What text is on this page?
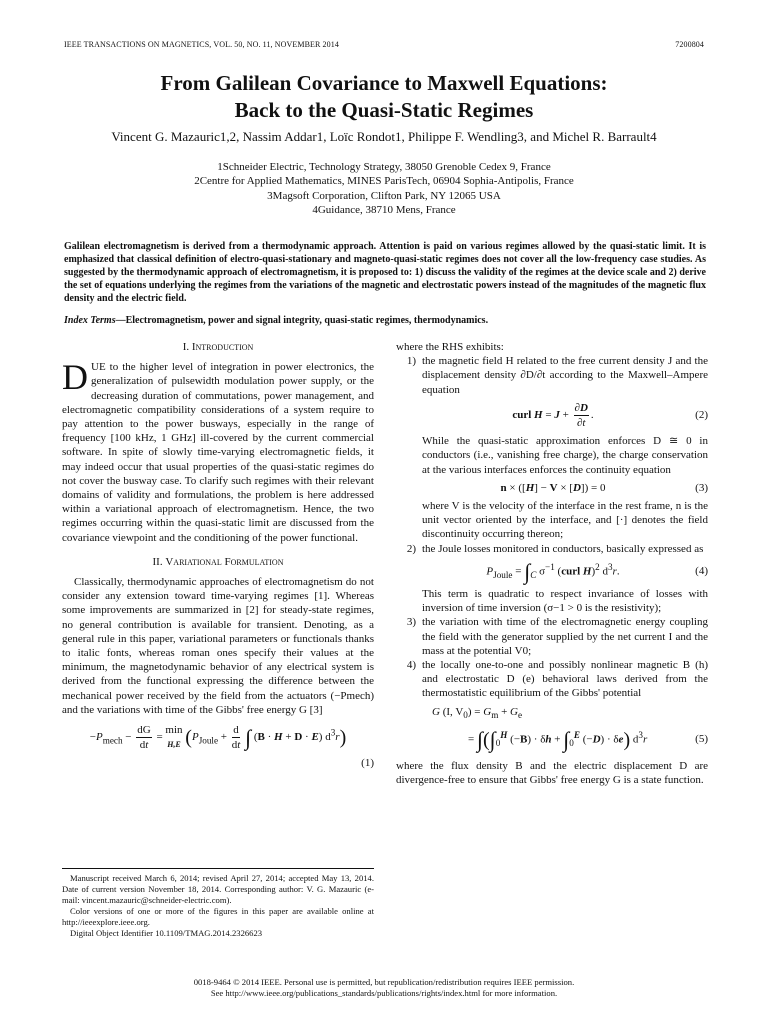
IEEE TRANSACTIONS ON MAGNETICS, VOL. 50, NO. 11, NOVEMBER 2014	7200804
From Galilean Covariance to Maxwell Equations:
Back to the Quasi-Static Regimes
Vincent G. Mazauric1,2, Nassim Addar1, Loïc Rondot1, Philippe F. Wendling3, and Michel R. Barrault4
1Schneider Electric, Technology Strategy, 38050 Grenoble Cedex 9, France
2Centre for Applied Mathematics, MINES ParisTech, 06904 Sophia-Antipolis, France
3Magsoft Corporation, Clifton Park, NY 12065 USA
4Guidance, 38710 Mens, France

Galilean electromagnetism is derived from a thermodynamic approach. Attention is paid on various regimes allowed by the quasi-static limit. It is emphasized that classical definition of electro-quasi-stationary and magneto-quasi-static regimes does not cover all the low-frequency case studies. As suggested by the thermodynamic approach of electromagnetism, it is proposed to: 1) discuss the validity of the regimes at the device scale and 2) derive the set of equations underlying the regimes from the variations of the magnetic and electrostatic powers instead of the magnitudes of the magnetic flux density and the electric field.

Index Terms—Electromagnetism, power and signal integrity, quasi-static regimes, thermodynamics.
I. Introduction

DUE to the higher level of integration in power electronics, the generalization of pulsewidth modulation power supply, or the decreasing duration of commutations, power management, and electromagnetic compatibility considerations of a system require to pay attention to the power busways, especially in the range of frequency [100 kHz, 1 GHz] ill-covered by the current commercial software. In spite of slowly time-varying electromagnetic fields, it may indeed occur that usual properties of the quasi-static regimes do not cover the busway case. To clarify such regimes with their relevant domains of validity and formulations, the problem is here addressed within a variational approach of electromagnetism. Hence, the two regimes occurring within the quasi-static limit are discussed from the covariance viewpoint and the conditioning of the power functional.

II. Variational Formulation

Classically, thermodynamic approaches of electromagnetism do not consider any extension toward time-varying regimes [1]. Whereas some improvements are summarized in [2] for steady-state regimes, no general contribution is available for transient. Denoting, as a general rule in this paper, variational parameters or functionals thanks to italic fonts, whereas roman ones specify their values at the minimum, the magnetodynamic behavior of any electrical system is derived from the functional expressing the difference between the mechanical power received by the field from the actuators (−Pmech) and the variations with time of the Gibbs' free energy G [3]

$-P_{mech} - \frac{dG}{dt} = \min$
H,E ($P_{Joule} + \frac{d}{dt}$ ∫ (B · H + D · E) $d^3r$)
(1)

Manuscript received March 6, 2014; revised April 27, 2014; accepted May 13, 2014. Date of current version November 18, 2014. Corresponding author: V. G. Mazauric (e-mail: vincent.mazauric@schneider-electric.com).

Color versions of one or more of the figures in this paper are available online at http://ieeexplore.ieee.org.

Digital Object Identifier 10.1109/TMAG.2014.2326623

where the RHS exhibits:

1) the magnetic field H related to the free current density J and the displacement density ∂D/∂t according to the Maxwell–Ampere equation

curl $H = J + \frac{\partial D}{\partial t}$ .	(2)

While the quasi-static approximation enforces D ≅ 0 in conductors (i.e., vanishing free charge), the charge conservation at the various interfaces enforces the continuity equation

n × ([H] − V × [D]) = 0	(3)

where V is the velocity of the interface in the rest frame, n is the unit vector oriented by the interface, and [·] denotes the field discontinuity occurring thereon;

2) the Joule losses monitored in conductors, basically expressed as

$P_{Joule} = \int_C$ $\sigma^{-1}$ (curl H)$^2$ $d^3r$.	(4)

This term is quadratic to respect invariance of losses with inversion of time inversion (σ−1 > 0 is the resistivity);

3) the variation with time of the electromagnetic energy coupling the field with the generator supplied by the net current I and the mass at the potential V0;

4) the locally one-to-one and possibly nonlinear magnetic B (h) and electrostatic D (e) behavioral laws derived from the thermostatistic equilibrium of the Gibbs' potential

G (I, $V_0) = G_m + G_e$
= $\int(\int_0^H$ $(-B) \cdot \delta h + \int_0^E$ (−D) · δe) $d^3r$	(5)

where the flux density B and the electric displacement D are divergence-free to ensure that Gibbs' free energy G is a state function.

0018-9464 © 2014 IEEE. Personal use is permitted, but republication/redistribution requires IEEE permission.
See http://www.ieee.org/publications_standards/publications/rights/index.html for more information.
